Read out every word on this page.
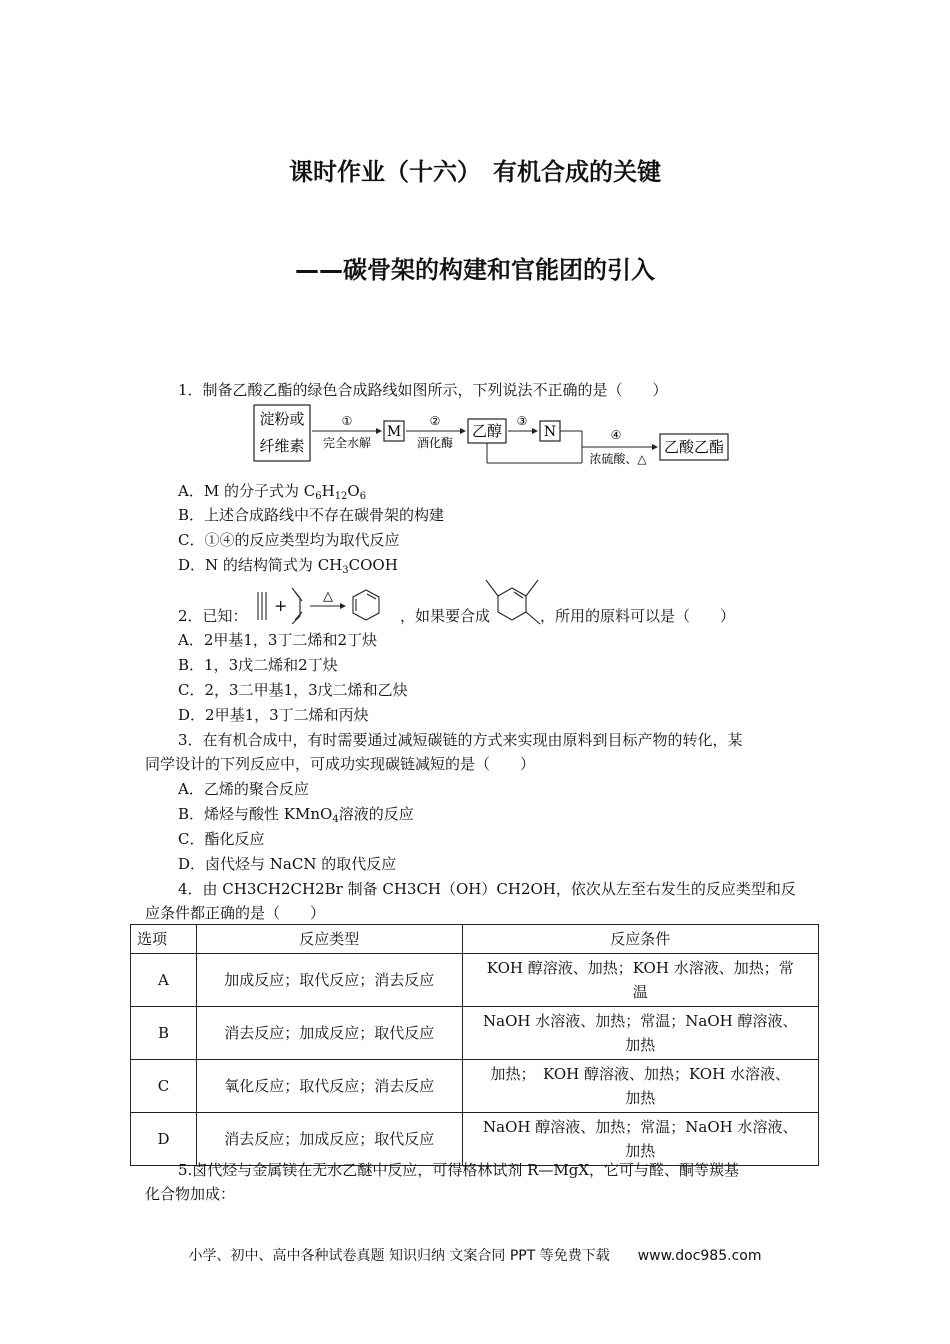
课时作业（十六）　有机合成的关键
——碳骨架的构建和官能团的引入
1．制备乙酸乙酯的绿色合成路线如图所示，下列说法不正确的是（　　）
淀粉或
纤维素
①
完全水解
M
②
酒化酶
乙醇
③
N	④
浓硫酸、△
乙酸乙酯
A．M 的分子式为 $C_6H_{12}O_6$
B．上述合成路线中不存在碳骨架的构建
C．①④的反应类型均为取代反应
D．N 的结构简式为 $CH_3COOH$
2．已知：
+	△
，如果要合成	，所用的原料可以是（　　）
A．2甲基1，3丁二烯和2丁炔
B．1，3戊二烯和2丁炔
C．2，3二甲基1，3戊二烯和乙炔
D．2甲基1，3丁二烯和丙炔
3．在有机合成中，有时需要通过减短碳链的方式来实现由原料到目标产物的转化，某
同学设计的下列反应中，可成功实现碳链减短的是（　　）
A．乙烯的聚合反应
B．烯烃与酸性 KMnO$_4$溶液的反应
C．酯化反应
D．卤代烃与 NaCN 的取代反应
4．由 CH3CH2CH2Br 制备 CH3CH（OH）CH2OH，依次从左至右发生的反应类型和反
应条件都正确的是（　　）
选项	反应类型	反应条件
A	加成反应；取代反应；消去反应	KOH 醇溶液、加热；KOH 水溶液、加热；常
温
B	消去反应；加成反应；取代反应	NaOH 水溶液、加热；常温；NaOH 醇溶液、
加热
C	氧化反应；取代反应；消去反应	加热；　KOH 醇溶液、加热；KOH 水溶液、
加热
D	消去反应；加成反应；取代反应	NaOH 醇溶液、加热；常温；NaOH 水溶液、
加热
5.卤代烃与金属镁在无水乙醚中反应，可得格林试剂 R—MgX，它可与醛、酮等羰基
化合物加成：
小学、初中、高中各种试卷真题 知识归纳 文案合同 PPT 等免费下载　　www.doc985.com
